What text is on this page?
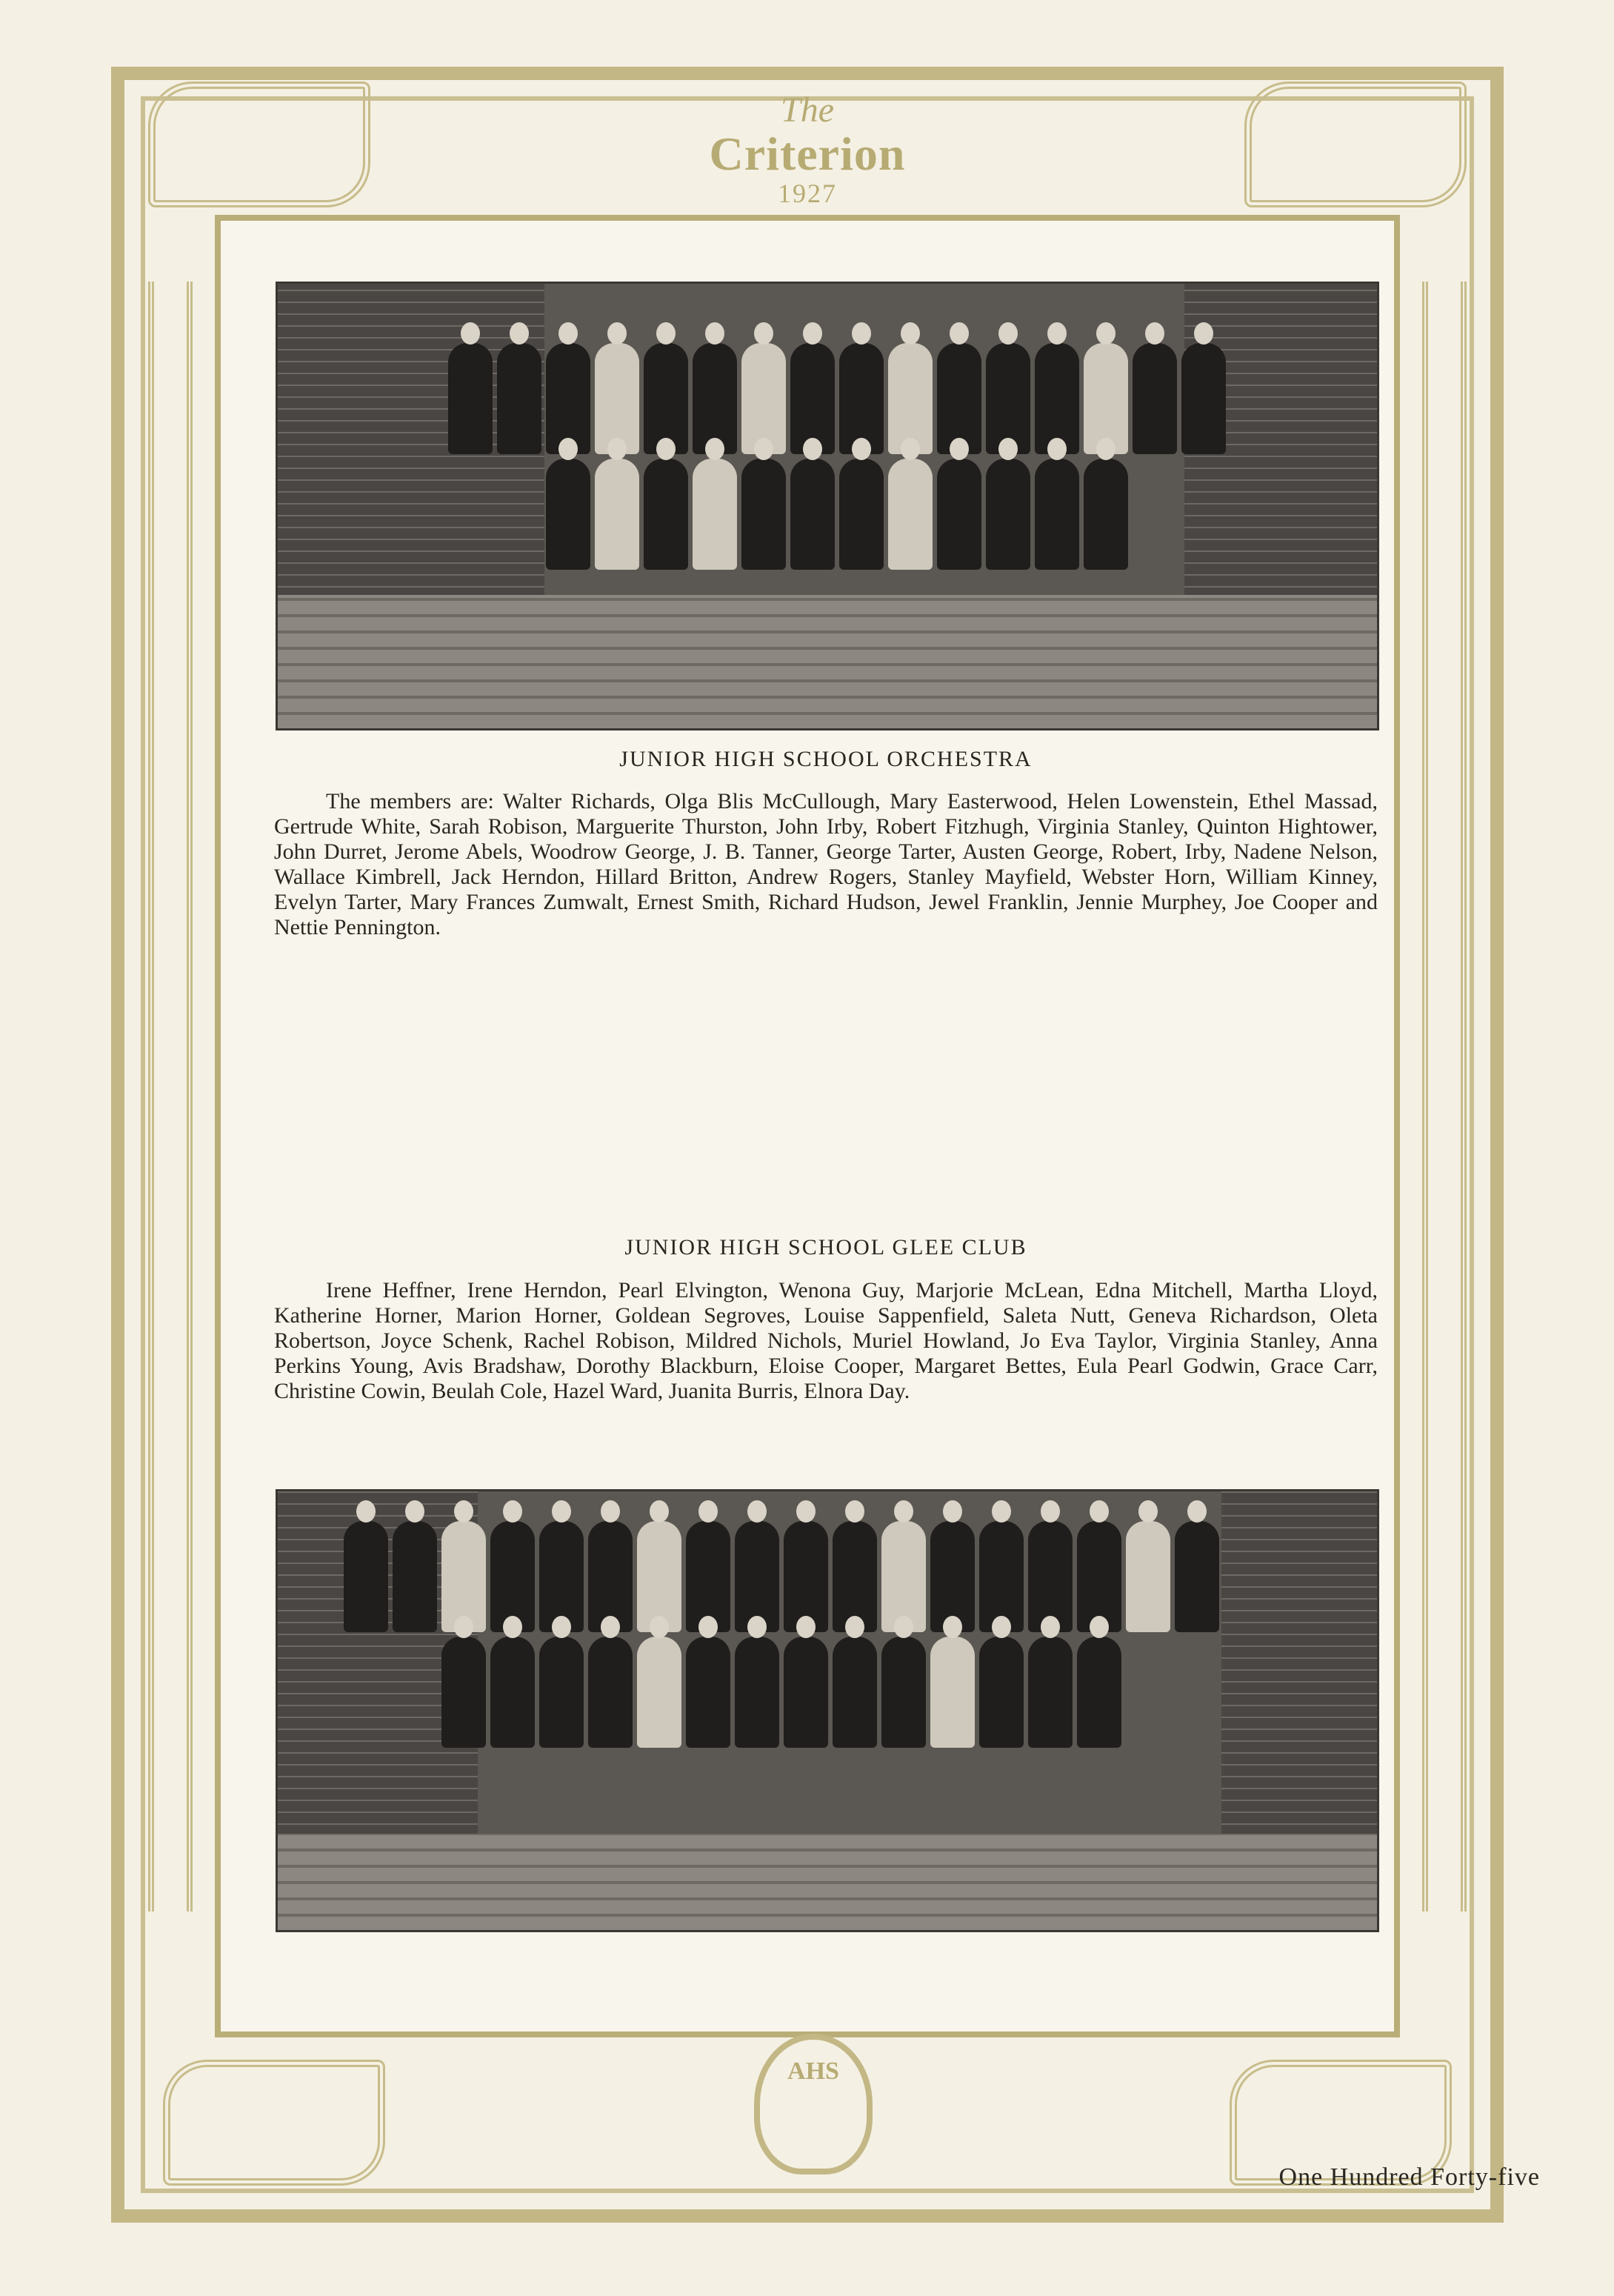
The
Criterion
1927
JUNIOR HIGH SCHOOL ORCHESTRA
The members are: Walter Richards, Olga Blis McCullough, Mary Easterwood, Helen Lowenstein, Ethel Massad, Gertrude White, Sarah Robison, Marguerite Thurston, John Irby, Robert Fitzhugh, Virginia Stanley, Quinton Hightower, John Durret, Jerome Abels, Woodrow George, J. B. Tanner, George Tarter, Austen George, Robert, Irby, Nadene Nelson, Wallace Kimbrell, Jack Herndon, Hillard Britton, Andrew Rogers, Stanley Mayfield, Webster Horn, William Kinney, Evelyn Tarter, Mary Frances Zumwalt, Ernest Smith, Richard Hudson, Jewel Franklin, Jennie Murphey, Joe Cooper and Nettie Pennington.
JUNIOR HIGH SCHOOL GLEE CLUB
Irene Heffner, Irene Herndon, Pearl Elvington, Wenona Guy, Marjorie McLean, Edna Mitchell, Martha Lloyd, Katherine Horner, Marion Horner, Goldean Segroves, Louise Sappenfield, Saleta Nutt, Geneva Richardson, Oleta Robertson, Joyce Schenk, Rachel Robison, Mildred Nichols, Muriel Howland, Jo Eva Taylor, Virginia Stanley, Anna Perkins Young, Avis Bradshaw, Dorothy Blackburn, Eloise Cooper, Margaret Bettes, Eula Pearl Godwin, Grace Carr, Christine Cowin, Beulah Cole, Hazel Ward, Juanita Burris, Elnora Day.
AHS
One Hundred Forty-five
